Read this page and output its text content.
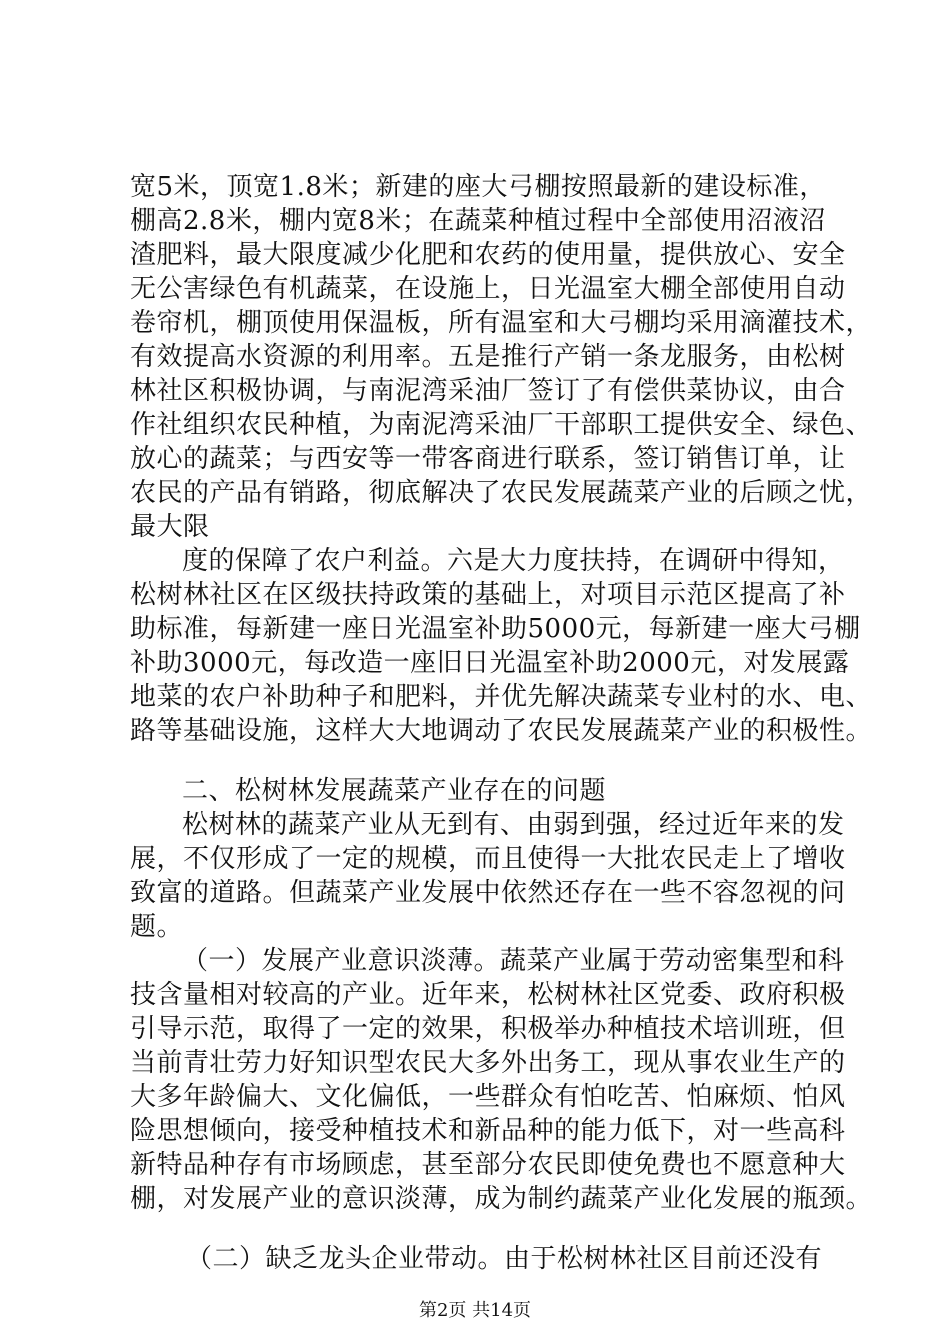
宽5米，顶宽1.8米；新建的座大弓棚按照最新的建设标准，
棚高2.8米，棚内宽8米；在蔬菜种植过程中全部使用沼液沼
渣肥料，最大限度减少化肥和农药的使用量，提供放心、安全
无公害绿色有机蔬菜，在设施上，日光温室大棚全部使用自动
卷帘机，棚顶使用保温板，所有温室和大弓棚均采用滴灌技术，
有效提高水资源的利用率。五是推行产销一条龙服务，由松树
林社区积极协调，与南泥湾采油厂签订了有偿供菜协议，由合
作社组织农民种植，为南泥湾采油厂干部职工提供安全、绿色、
放心的蔬菜；与西安等一带客商进行联系，签订销售订单，让
农民的产品有销路，彻底解决了农民发展蔬菜产业的后顾之忧，
最大限
度的保障了农户利益。六是大力度扶持，在调研中得知，
松树林社区在区级扶持政策的基础上，对项目示范区提高了补
助标准，每新建一座日光温室补助5000元，每新建一座大弓棚
补助3000元，每改造一座旧日光温室补助2000元，对发展露
地菜的农户补助种子和肥料，并优先解决蔬菜专业村的水、电、
路等基础设施，这样大大地调动了农民发展蔬菜产业的积极性。
二、松树林发展蔬菜产业存在的问题
松树林的蔬菜产业从无到有、由弱到强，经过近年来的发
展，不仅形成了一定的规模，而且使得一大批农民走上了增收
致富的道路。但蔬菜产业发展中依然还存在一些不容忽视的问
题。
（一）发展产业意识淡薄。蔬菜产业属于劳动密集型和科
技含量相对较高的产业。近年来，松树林社区党委、政府积极
引导示范，取得了一定的效果，积极举办种植技术培训班，但
当前青壮劳力好知识型农民大多外出务工，现从事农业生产的
大多年龄偏大、文化偏低，一些群众有怕吃苦、怕麻烦、怕风
险思想倾向，接受种植技术和新品种的能力低下，对一些高科
新特品种存有市场顾虑，甚至部分农民即使免费也不愿意种大
棚，对发展产业的意识淡薄，成为制约蔬菜产业化发展的瓶颈。
（二）缺乏龙头企业带动。由于松树林社区目前还没有
第2页 共14页
